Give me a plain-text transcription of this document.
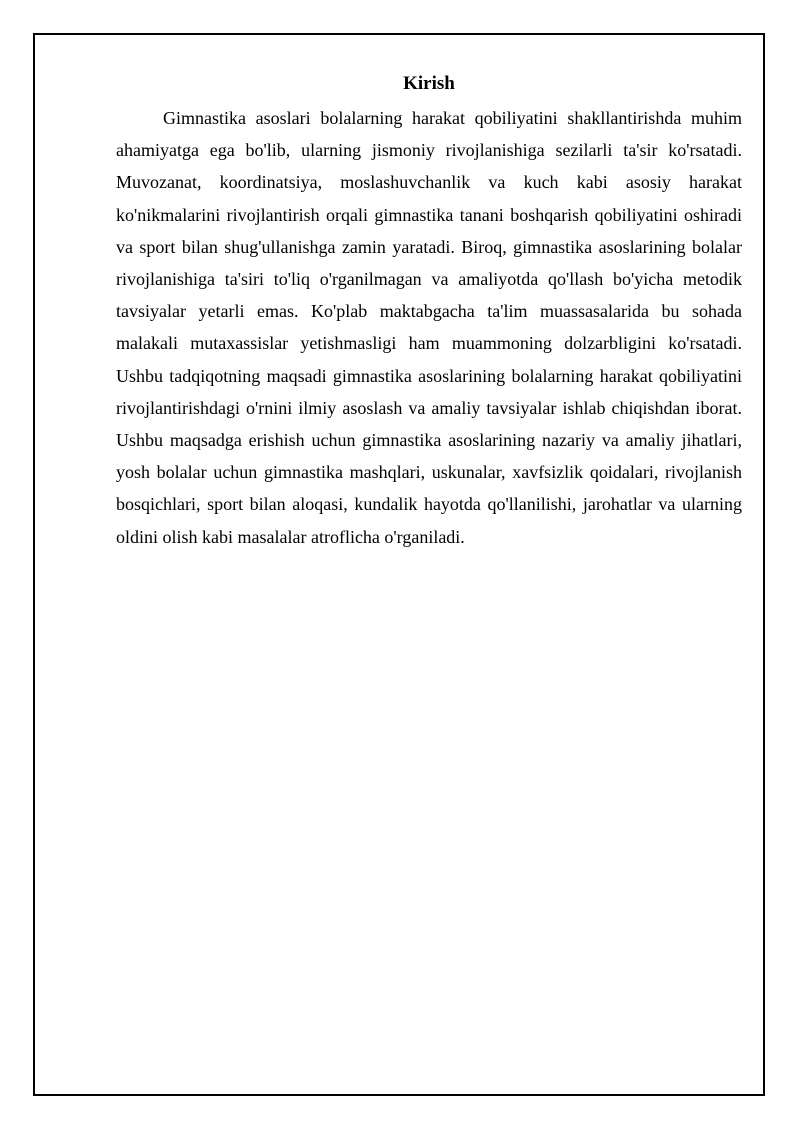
Kirish

Gimnastika asoslari bolalarning harakat qobiliyatini shakllantirishda muhim ahamiyatga ega bo'lib, ularning jismoniy rivojlanishiga sezilarli ta'sir ko'rsatadi. Muvozanat, koordinatsiya, moslashuvchanlik va kuch kabi asosiy harakat ko'nikmalarini rivojlantirish orqali gimnastika tanani boshqarish qobiliyatini oshiradi va sport bilan shug'ullanishga zamin yaratadi. Biroq, gimnastika asoslarining bolalar rivojlanishiga ta'siri to'liq o'rganilmagan va amaliyotda qo'llash bo'yicha metodik tavsiyalar yetarli emas. Ko'plab maktabgacha ta'lim muassasalarida bu sohada malakali mutaxassislar yetishmasligi ham muammoning dolzarbligini ko'rsatadi. Ushbu tadqiqotning maqsadi gimnastika asoslarining bolalarning harakat qobiliyatini rivojlantirishdagi o'rnini ilmiy asoslash va amaliy tavsiyalar ishlab chiqishdan iborat. Ushbu maqsadga erishish uchun gimnastika asoslarining nazariy va amaliy jihatlari, yosh bolalar uchun gimnastika mashqlari, uskunalar, xavfsizlik qoidalari, rivojlanish bosqichlari, sport bilan aloqasi, kundalik hayotda qo'llanilishi, jarohatlar va ularning oldini olish kabi masalalar atroflicha o'rganiladi.
